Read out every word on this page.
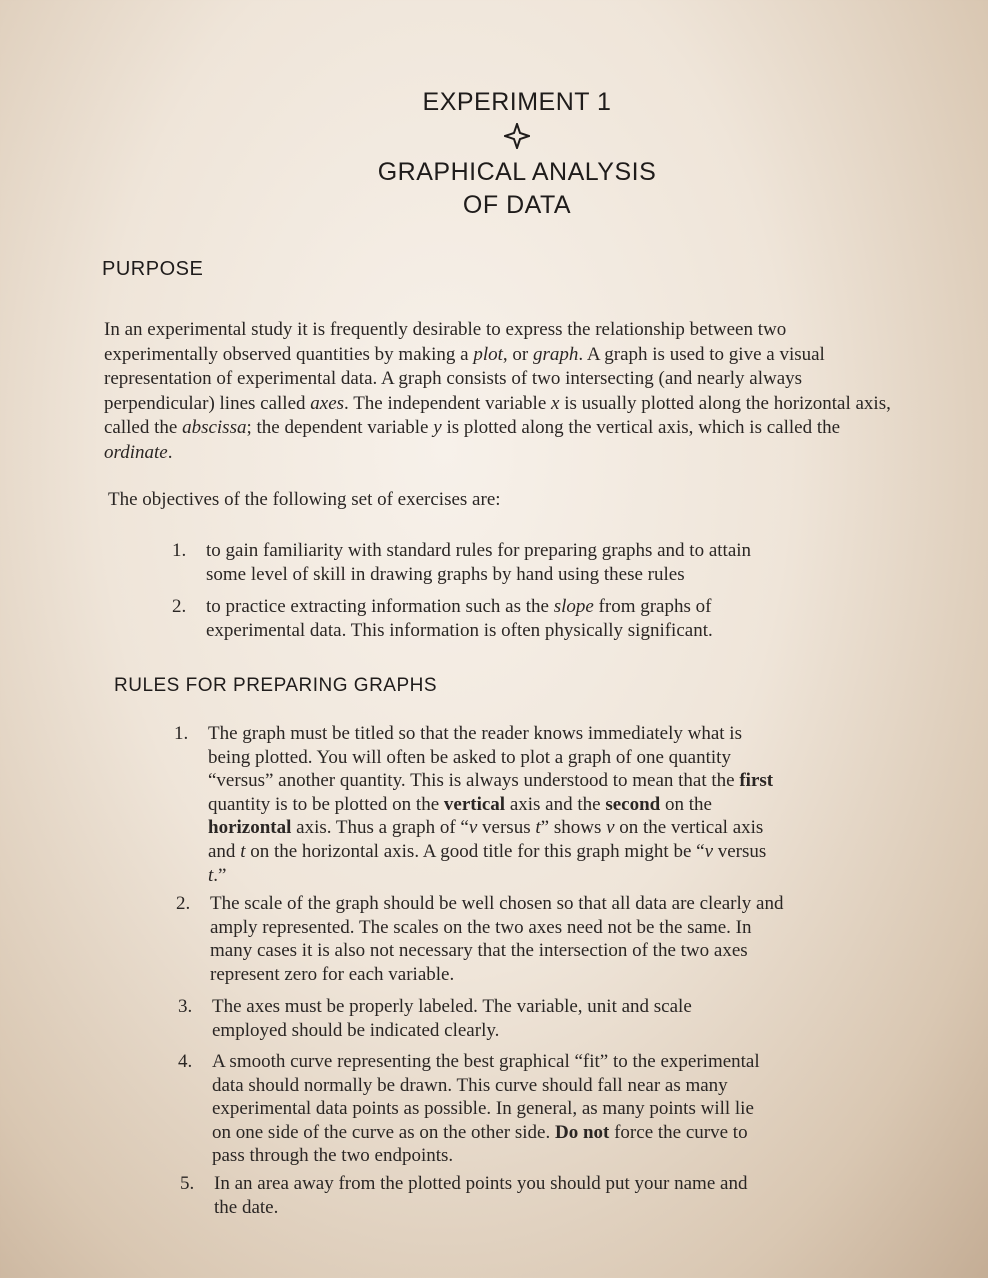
EXPERIMENT 1
GRAPHICAL ANALYSIS
OF DATA
PURPOSE
In an experimental study it is frequently desirable to express the relationship between two experimentally observed quantities by making a plot, or graph. A graph is used to give a visual representation of experimental data. A graph consists of two intersecting (and nearly always perpendicular) lines called axes. The independent variable x is usually plotted along the horizontal axis, called the abscissa; the dependent variable y is plotted along the vertical axis, which is called the ordinate.
The objectives of the following set of exercises are:
1. to gain familiarity with standard rules for preparing graphs and to attain some level of skill in drawing graphs by hand using these rules
2. to practice extracting information such as the slope from graphs of experimental data. This information is often physically significant.
RULES FOR PREPARING GRAPHS
1. The graph must be titled so that the reader knows immediately what is being plotted. You will often be asked to plot a graph of one quantity “versus” another quantity. This is always understood to mean that the first quantity is to be plotted on the vertical axis and the second on the horizontal axis. Thus a graph of “v versus t” shows v on the vertical axis and t on the horizontal axis. A good title for this graph might be “v versus t.”
2. The scale of the graph should be well chosen so that all data are clearly and amply represented. The scales on the two axes need not be the same. In many cases it is also not necessary that the intersection of the two axes represent zero for each variable.
3. The axes must be properly labeled. The variable, unit and scale employed should be indicated clearly.
4. A smooth curve representing the best graphical “fit” to the experimental data should normally be drawn. This curve should fall near as many experimental data points as possible. In general, as many points will lie on one side of the curve as on the other side. Do not force the curve to pass through the two endpoints.
5. In an area away from the plotted points you should put your name and the date.
